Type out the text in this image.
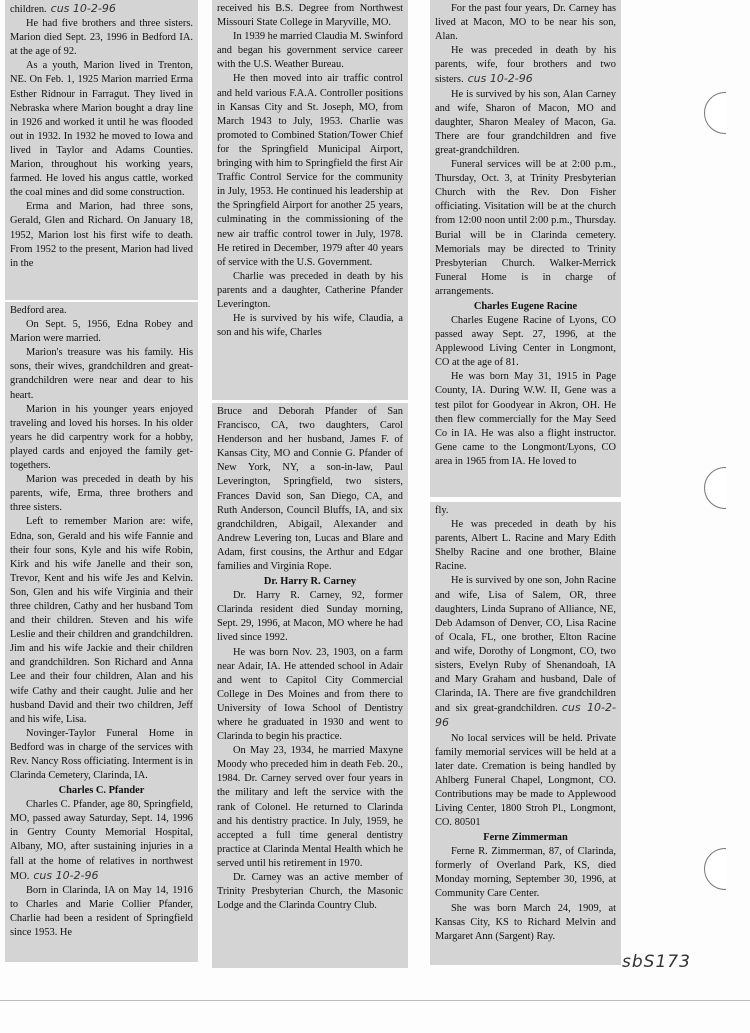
children. cus 10-2-96

He had five brothers and three sisters. Marion died Sept. 23, 1996 in Bedford IA. at the age of 92.

As a youth, Marion lived in Trenton, NE. On Feb. 1, 1925 Marion married Erma Esther Ridnour in Farragut. They lived in Nebraska where Marion bought a dray line in 1926 and worked it until he was flooded out in 1932. In 1932 he moved to Iowa and lived in Taylor and Adams Counties. Marion, throughout his working years, farmed. He loved his angus cattle, worked the coal mines and did some construction.

Erma and Marion, had three sons, Gerald, Glen and Richard. On January 18, 1952, Marion lost his first wife to death. From 1952 to the present, Marion had lived in the

Bedford area.

On Sept. 5, 1956, Edna Robey and Marion were married.

Marion's treasure was his family. His sons, their wives, grandchildren and great-grandchildren were near and dear to his heart.

Marion in his younger years enjoyed traveling and loved his horses. In his older years he did carpentry work for a hobby, played cards and enjoyed the family get-togethers.

Marion was preceded in death by his parents, wife, Erma, three brothers and three sisters.

Left to remember Marion are: wife, Edna, son, Gerald and his wife Fannie and their four sons, Kyle and his wife Robin, Kirk and his wife Janelle and their son, Trevor, Kent and his wife Jes and Kelvin. Son, Glen and his wife Virginia and their three children, Cathy and her husband Tom and their children. Steven and his wife Leslie and their children and grandchildren. Jim and his wife Jackie and their children and grandchildren. Son Richard and Anna Lee and their four children, Alan and his wife Cathy and their caught. Julie and her husband David and their two children, Jeff and his wife, Lisa.

Novinger-Taylor Funeral Home in Bedford was in charge of the services with Rev. Nancy Ross officiating. Interment is in Clarinda Cemetery, Clarinda, IA.

Charles C. Pfander

Charles C. Pfander, age 80, Springfield, MO, passed away Saturday, Sept. 14, 1996 in Gentry County Memorial Hospital, Albany, MO, after sustaining injuries in a fall at the home of relatives in northwest MO. cus 10-2-96

Born in Clarinda, IA on May 14, 1916 to Charles and Marie Collier Pfander, Charlie had been a resident of Springfield since 1953. He

received his B.S. Degree from Northwest Missouri State College in Maryville, MO.

In 1939 he married Claudia M. Swinford and began his government service career with the U.S. Weather Bureau.

He then moved into air traffic control and held various F.A.A. Controller positions in Kansas City and St. Joseph, MO, from March 1943 to July, 1953. Charlie was promoted to Combined Station/Tower Chief for the Springfield Municipal Airport, bringing with him to Springfield the first Air Traffic Control Service for the community in July, 1953. He continued his leadership at the Springfield Airport for another 25 years, culminating in the commissioning of the new air traffic control tower in July, 1978. He retired in December, 1979 after 40 years of service with the U.S. Government.

Charlie was preceded in death by his parents and a daughter, Catherine Pfander Leverington.

He is survived by his wife, Claudia, a son and his wife, Charles

Bruce and Deborah Pfander of San Francisco, CA, two daughters, Carol Henderson and her husband, James F. of Kansas City, MO and Connie G. Pfander of New York, NY, a son-in-law, Paul Leverington, Springfield, two sisters, Frances David son, San Diego, CA, and Ruth Anderson, Council Bluffs, IA, and six grandchildren, Abigail, Alexander and Andrew Levering ton, Lucas and Blare and Adam, first cousins, the Arthur and Edgar families and Virginia Rope.

Dr. Harry R. Carney

Dr. Harry R. Carney, 92, former Clarinda resident died Sunday morning, Sept. 29, 1996, at Macon, MO where he had lived since 1992.

He was born Nov. 23, 1903, on a farm near Adair, IA. He attended school in Adair and went to Capitol City Commercial College in Des Moines and from there to University of Iowa School of Dentistry where he graduated in 1930 and went to Clarinda to begin his practice.

On May 23, 1934, he married Maxyne Moody who preceded him in death Feb. 20., 1984. Dr. Carney served over four years in the military and left the service with the rank of Colonel. He returned to Clarinda and his dentistry practice. In July, 1959, he accepted a full time general dentistry practice at Clarinda Mental Health which he served until his retirement in 1970.

Dr. Carney was an active member of Trinity Presbyterian Church, the Masonic Lodge and the Clarinda Country Club.

For the past four years, Dr. Carney has lived at Macon, MO to be near his son, Alan.

He was preceded in death by his parents, wife, four brothers and two sisters. cus 10-2-96

He is survived by his son, Alan Carney and wife, Sharon of Macon, MO and daughter, Sharon Mealey of Macon, Ga. There are four grandchildren and five great-grandchildren.

Funeral services will be at 2:00 p.m., Thursday, Oct. 3, at Trinity Presbyterian Church with the Rev. Don Fisher officiating. Visitation will be at the church from 12:00 noon until 2:00 p.m., Thursday. Burial will be in Clarinda cemetery. Memorials may be directed to Trinity Presbyterian Church. Walker-Merrick Funeral Home is in charge of arrangements.

Charles Eugene Racine

Charles Eugene Racine of Lyons, CO passed away Sept. 27, 1996, at the Applewood Living Center in Longmont, CO at the age of 81.

He was born May 31, 1915 in Page County, IA. During W.W. II, Gene was a test pilot for Goodyear in Akron, OH. He then flew commercially for the May Seed Co in IA. He was also a flight instructor. Gene came to the Longmont/Lyons, CO area in 1965 from IA. He loved to

fly.

He was preceded in death by his parents, Albert L. Racine and Mary Edith Shelby Racine and one brother, Blaine Racine.

He is survived by one son, John Racine and wife, Lisa of Salem, OR, three daughters, Linda Suprano of Alliance, NE, Deb Adamson of Denver, CO, Lisa Racine of Ocala, FL, one brother, Elton Racine and wife, Dorothy of Longmont, CO, two sisters, Evelyn Ruby of Shenandoah, IA and Mary Graham and husband, Dale of Clarinda, IA. There are five grandchildren and six great-grandchildren. cus 10-2-96

No local services will be held. Private family memorial services will be held at a later date. Cremation is being handled by Ahlberg Funeral Chapel, Longmont, CO. Contributions may be made to Applewood Living Center, 1800 Stroh Pl., Longmont, CO. 80501

Ferne Zimmerman

Ferne R. Zimmerman, 87, of Clarinda, formerly of Overland Park, KS, died Monday morning, September 30, 1996, at Community Care Center.

She was born March 24, 1909, at Kansas City, KS to Richard Melvin and Margaret Ann (Sargent) Ray.

sbS173
